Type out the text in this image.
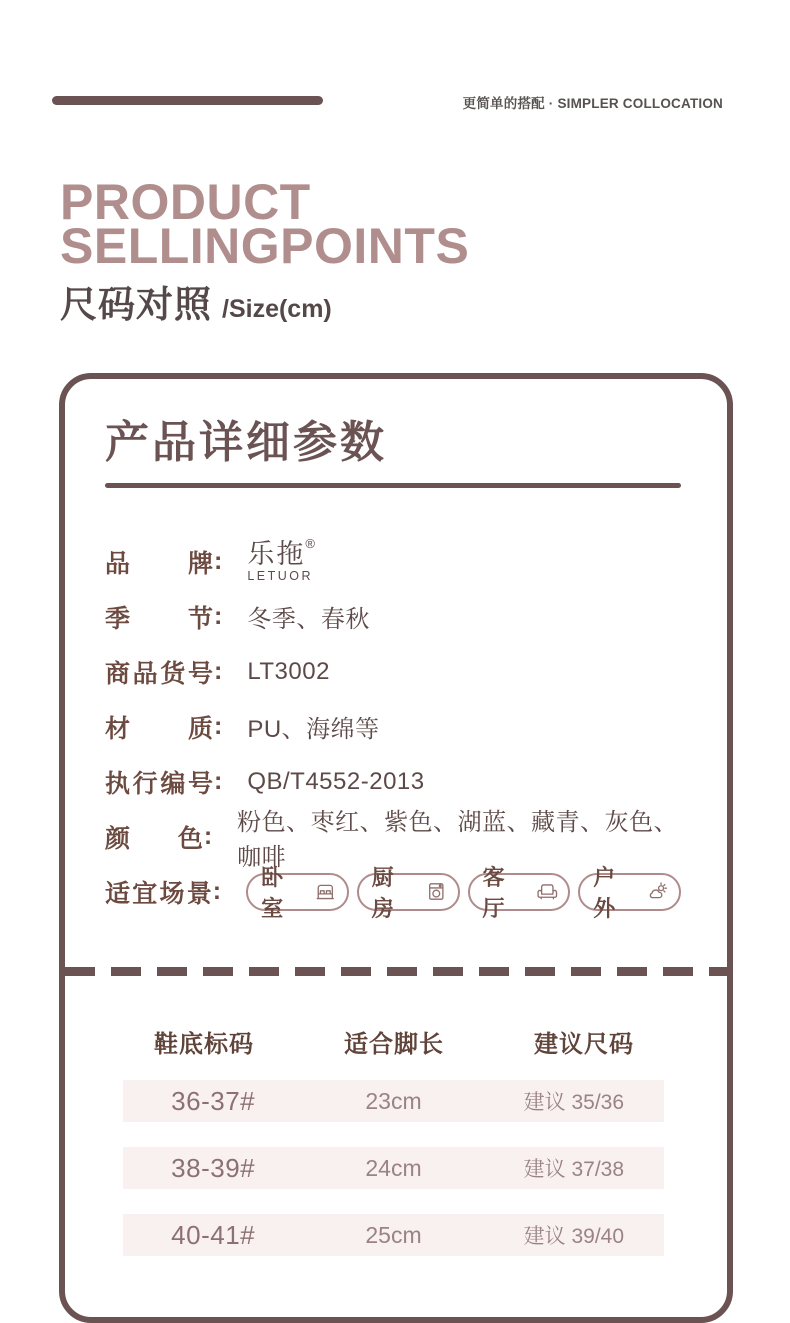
更简单的搭配 · SIMPLER COLLOCATION
PRODUCT
SELLINGPOINTS
尺码对照 /Size(cm)
产品详细参数
品牌 : 乐拖 ®
LETUOR
季节 : 冬季、春秋
商品货号 : LT3002
材质 : PU、海绵等
执行编号 : QB/T4552-2013
颜色 : 粉色、枣红、紫色、湖蓝、藏青、灰色、咖啡
适宜场景 : 卧室
厨房
客厅
户外
鞋底标码	适合脚长	建议尺码
36-37#	23cm	建议 35/36
38-39#	24cm	建议 37/38
40-41#	25cm	建议 39/40
